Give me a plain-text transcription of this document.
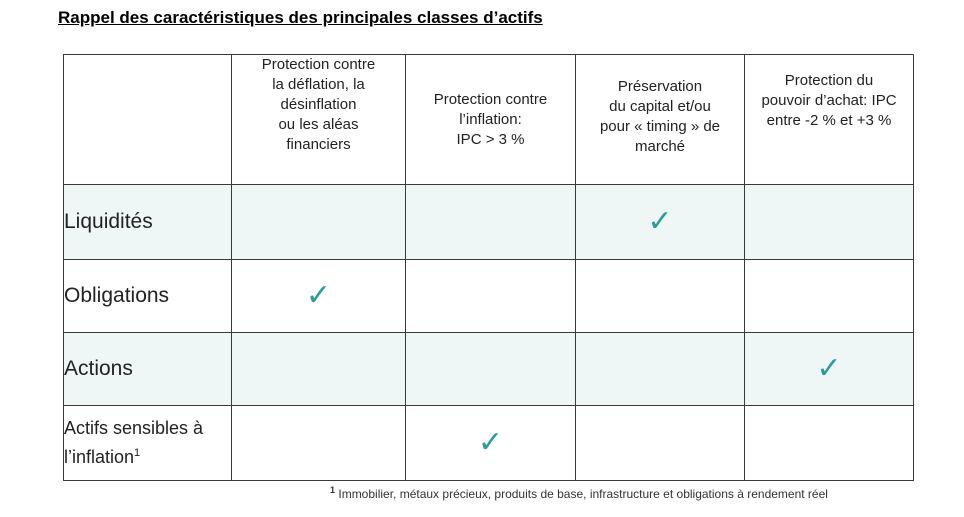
Rappel des caractéristiques des principales classes d’actifs

	Protection contre
la déflation, la
désinflation
ou les aléas
financiers	Protection contre
l’inflation:
IPC > 3 %	Préservation
du capital et/ou
pour « timing » de
marché	Protection du
pouvoir d’achat: IPC
entre -2 % et +3 %

Liquidités			✓	
Obligations	✓			
Actions				✓
Actifs sensibles à
l’inflation$^1$		✓		
$^1$ Immobilier, métaux précieux, produits de base, infrastructure et obligations à rendement réel
